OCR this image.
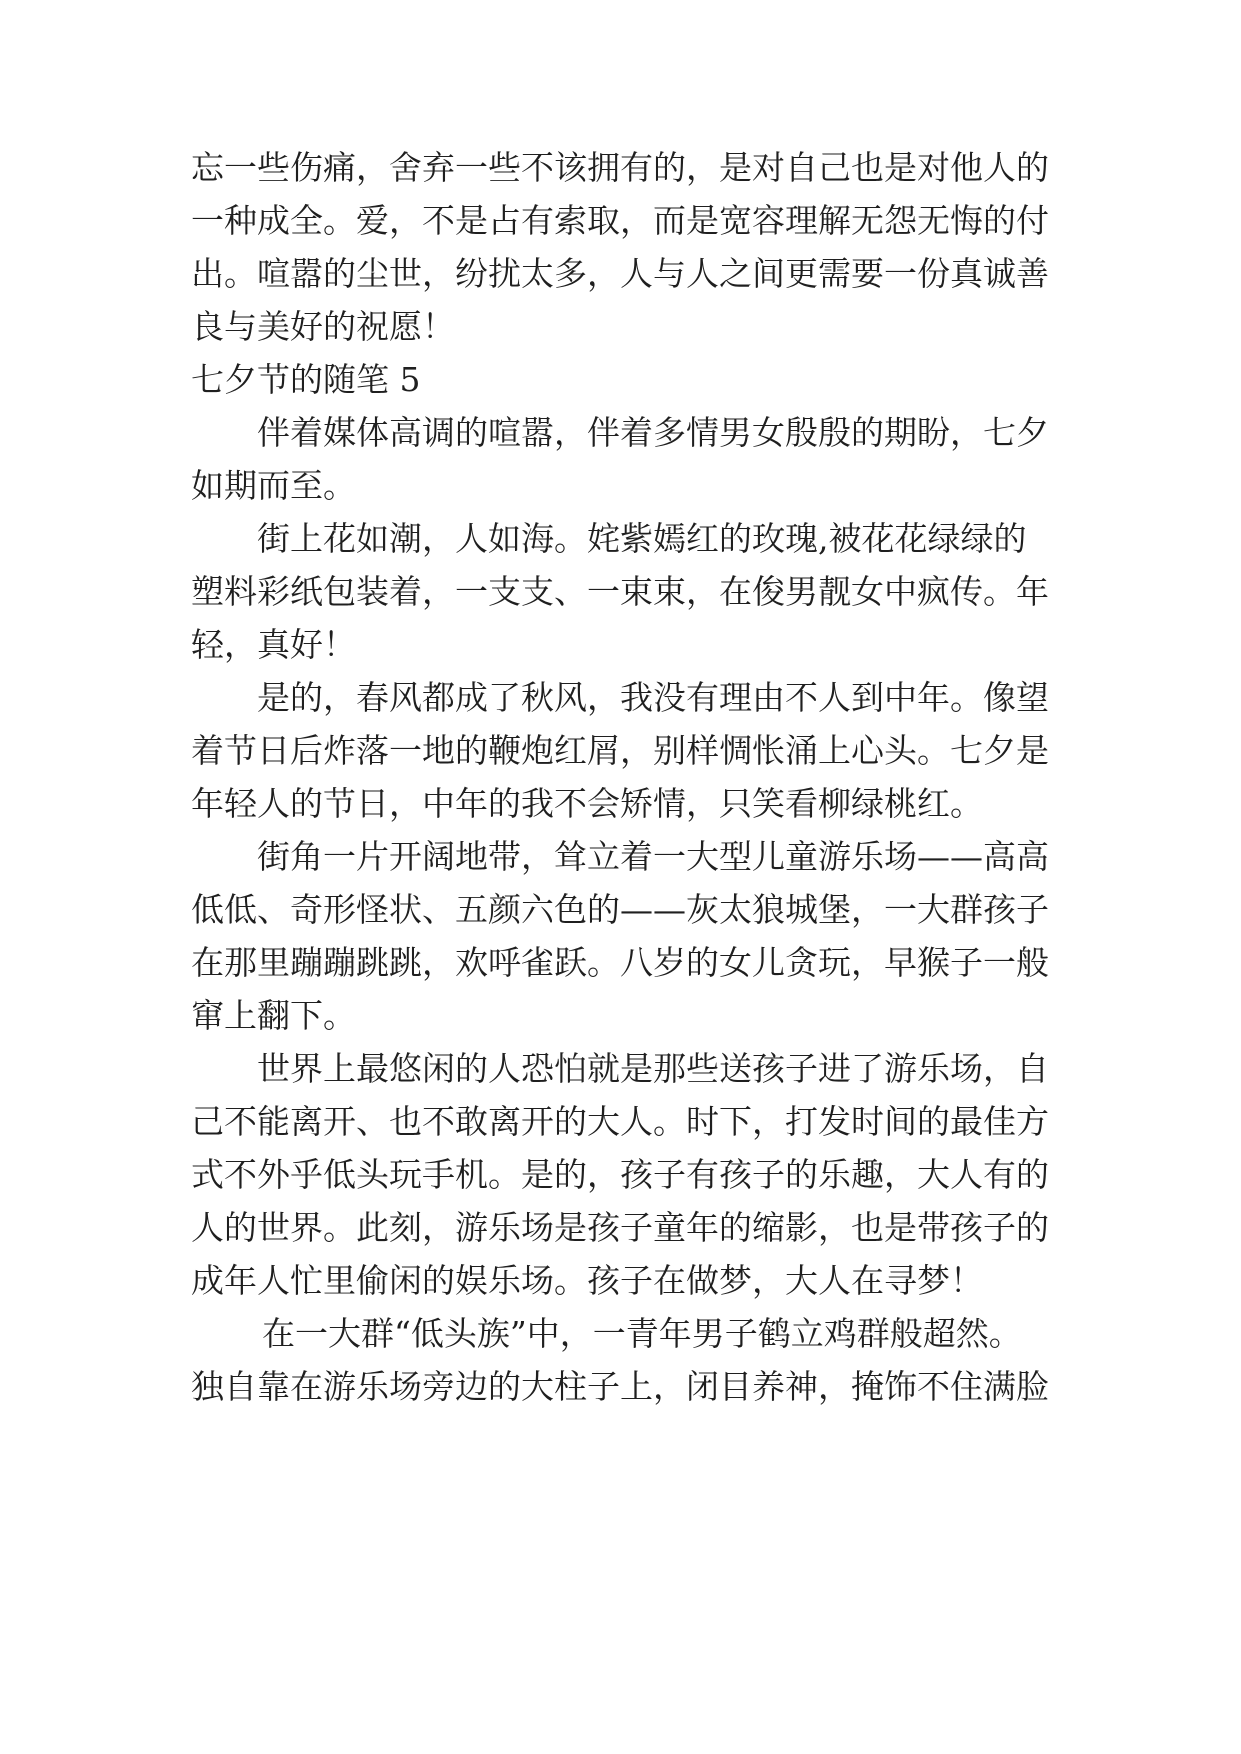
忘一些伤痛，舍弃一些不该拥有的，是对自己也是对他人的

一种成全。爱，不是占有索取，而是宽容理解无怨无悔的付

出。喧嚣的尘世，纷扰太多，人与人之间更需要一份真诚善

良与美好的祝愿！

七夕节的随笔 5

伴着媒体高调的喧嚣，伴着多情男女殷殷的期盼，七夕

如期而至。

街上花如潮，人如海。姹紫嫣红的玫瑰,被花花绿绿的

塑料彩纸包装着，一支支、一束束，在俊男靓女中疯传。年

轻，真好！

是的，春风都成了秋风，我没有理由不人到中年。像望

着节日后炸落一地的鞭炮红屑，别样惆怅涌上心头。七夕是

年轻人的节日，中年的我不会矫情，只笑看柳绿桃红。

街角一片开阔地带，耸立着一大型儿童游乐场——高高

低低、奇形怪状、五颜六色的——灰太狼城堡，一大群孩子

在那里蹦蹦跳跳，欢呼雀跃。八岁的女儿贪玩，早猴子一般

窜上翻下。

世界上最悠闲的人恐怕就是那些送孩子进了游乐场，自

己不能离开、也不敢离开的大人。时下，打发时间的最佳方

式不外乎低头玩手机。是的，孩子有孩子的乐趣，大人有的

人的世界。此刻，游乐场是孩子童年的缩影，也是带孩子的

成年人忙里偷闲的娱乐场。孩子在做梦，大人在寻梦！

在一大群“低头族”中，一青年男子鹤立鸡群般超然。

独自靠在游乐场旁边的大柱子上，闭目养神，掩饰不住满脸
